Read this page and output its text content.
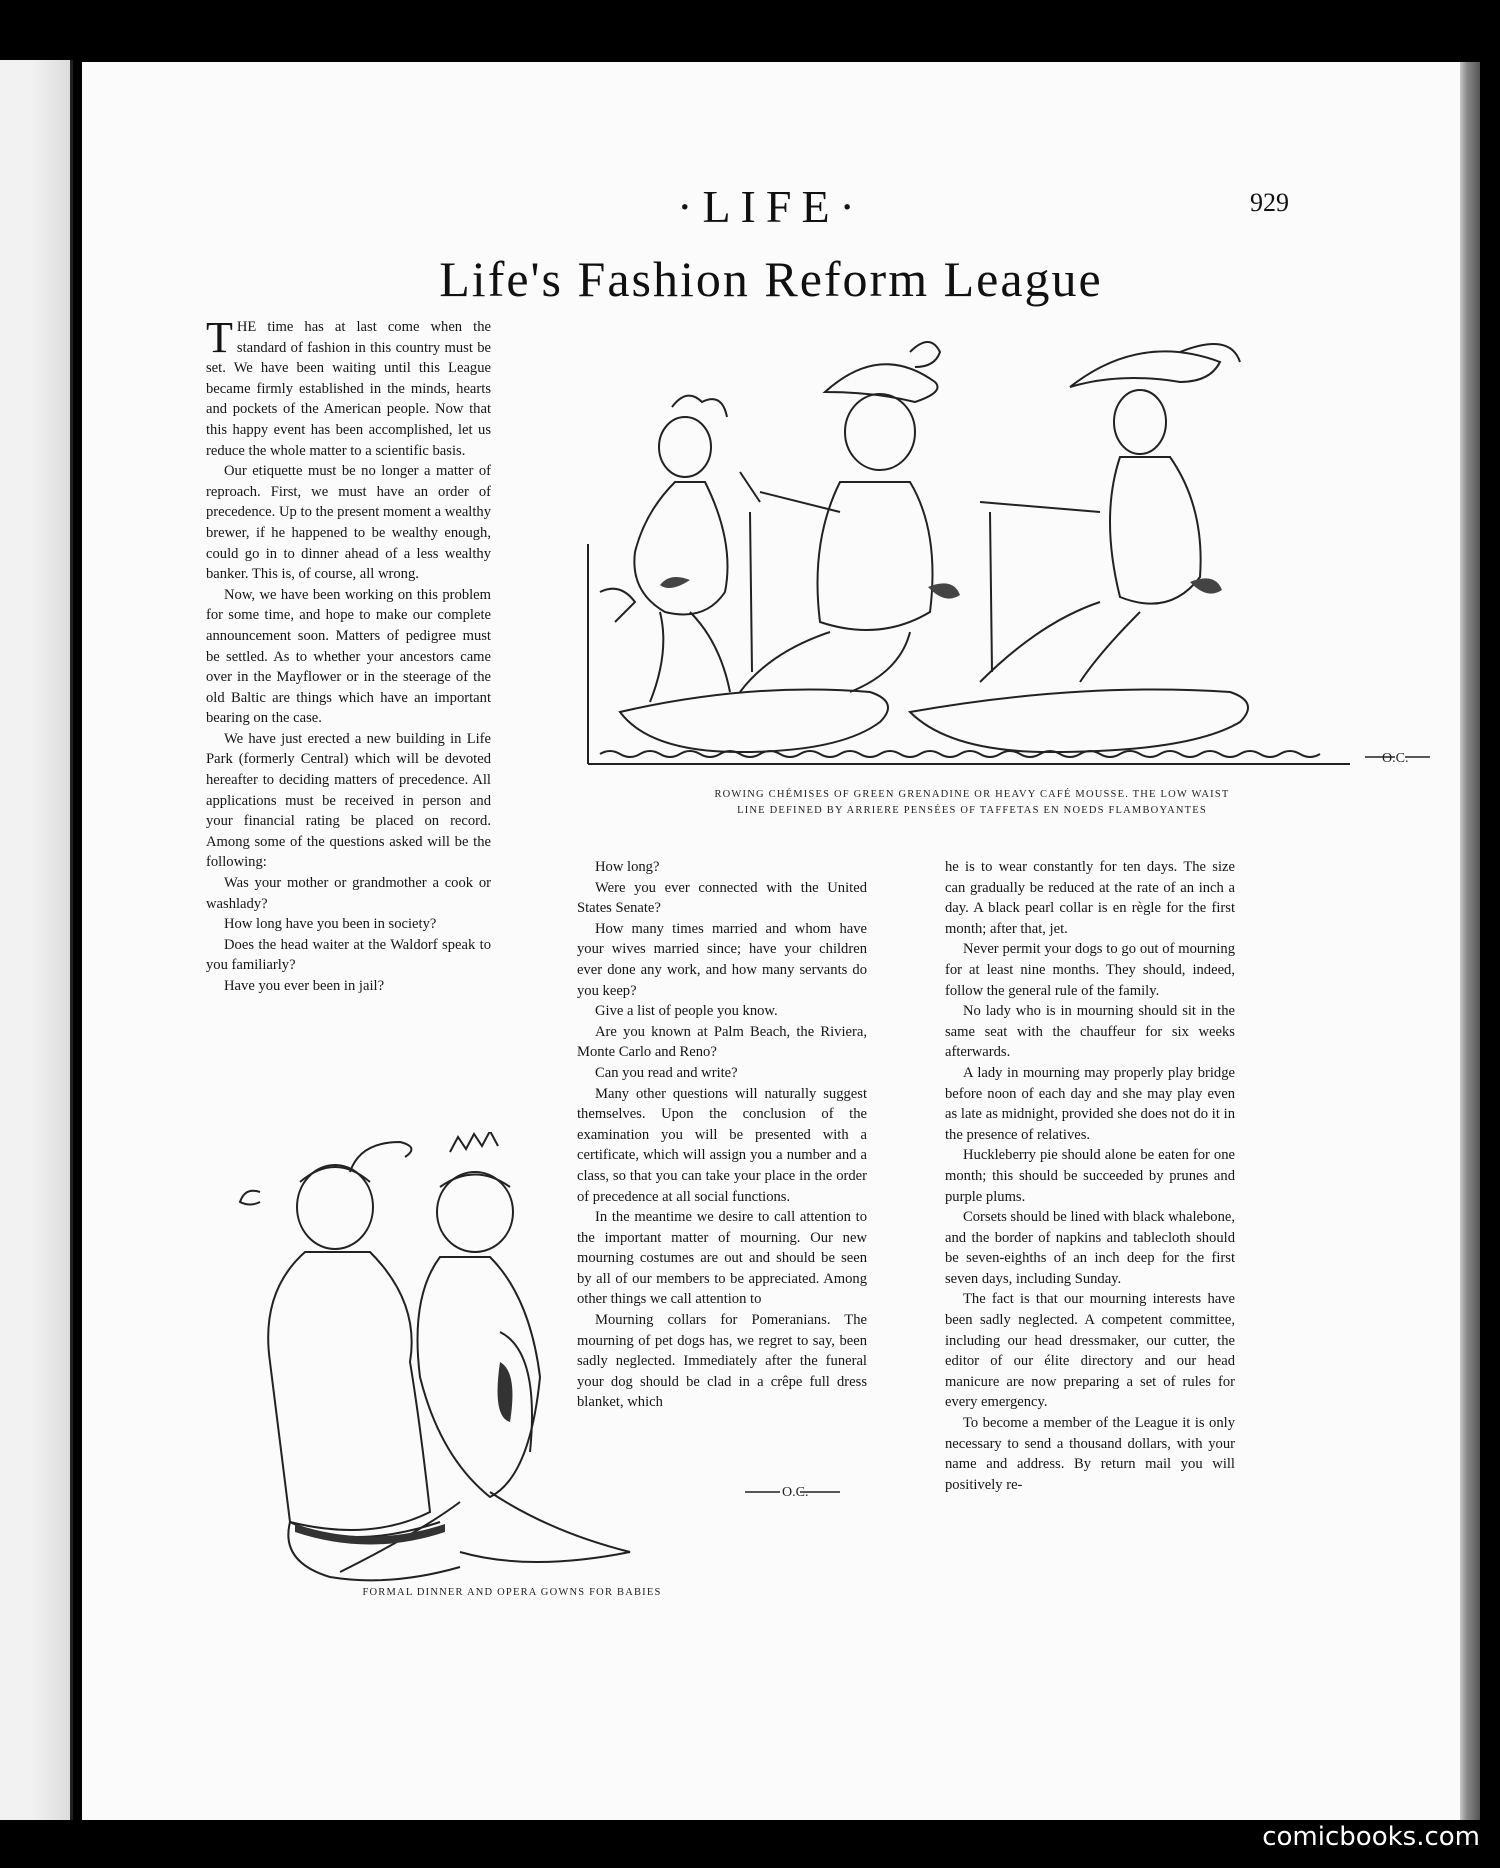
·LIFE·	929
Life's Fashion Reform League

THE time has at last come when the standard of fashion in this country must be set. We have been waiting until this League became firmly established in the minds, hearts and pockets of the American people. Now that this happy event has been accomplished, let us reduce the whole matter to a scientific basis.

Our etiquette must be no longer a matter of reproach. First, we must have an order of precedence. Up to the present moment a wealthy brewer, if he happened to be wealthy enough, could go in to dinner ahead of a less wealthy banker. This is, of course, all wrong.

Now, we have been working on this problem for some time, and hope to make our complete announcement soon. Matters of pedigree must be settled. As to whether your ancestors came over in the Mayflower or in the steerage of the old Baltic are things which have an important bearing on the case.

We have just erected a new building in Life Park (formerly Central) which will be devoted hereafter to deciding matters of precedence. All applications must be received in person and your financial rating be placed on record. Among some of the questions asked will be the following:

Was your mother or grandmother a cook or washlady?

How long have you been in society?

Does the head waiter at the Waldorf speak to you familiarly?

Have you ever been in jail?

O.C.
ROWING CHÉMISES OF GREEN GRENADINE OR HEAVY CAFÉ MOUSSE. THE LOW WAIST
LINE DEFINED BY ARRIERE PENSÉES OF TAFFETAS EN NOEDS FLAMBOYANTES

How long?

Were you ever connected with the United States Senate?

How many times married and whom have your wives married since; have your children ever done any work, and how many servants do you keep?

Give a list of people you know.

Are you known at Palm Beach, the Riviera, Monte Carlo and Reno?

Can you read and write?

Many other questions will naturally suggest themselves. Upon the conclusion of the examination you will be presented with a certificate, which will assign you a number and a class, so that you can take your place in the order of precedence at all social functions.

In the meantime we desire to call attention to the important matter of mourning. Our new mourning costumes are out and should be seen by all of our members to be appreciated. Among other things we call attention to

Mourning collars for Pomeranians. The mourning of pet dogs has, we regret to say, been sadly neglected. Immediately after the funeral your dog should be clad in a crêpe full dress blanket, which

he is to wear constantly for ten days. The size can gradually be reduced at the rate of an inch a day. A black pearl collar is en règle for the first month; after that, jet.

Never permit your dogs to go out of mourning for at least nine months. They should, indeed, follow the general rule of the family.

No lady who is in mourning should sit in the same seat with the chauffeur for six weeks afterwards.

A lady in mourning may properly play bridge before noon of each day and she may play even as late as midnight, provided she does not do it in the presence of relatives.

Huckleberry pie should alone be eaten for one month; this should be succeeded by prunes and purple plums.

Corsets should be lined with black whalebone, and the border of napkins and tablecloth should be seven-eighths of an inch deep for the first seven days, including Sunday.

The fact is that our mourning interests have been sadly neglected. A competent committee, including our head dressmaker, our cutter, the editor of our élite directory and our head manicure are now preparing a set of rules for every emergency.

To become a member of the League it is only necessary to send a thousand dollars, with your name and address. By return mail you will positively re-

O.C.
FORMAL DINNER AND OPERA GOWNS FOR BABIES
comicbooks.com
